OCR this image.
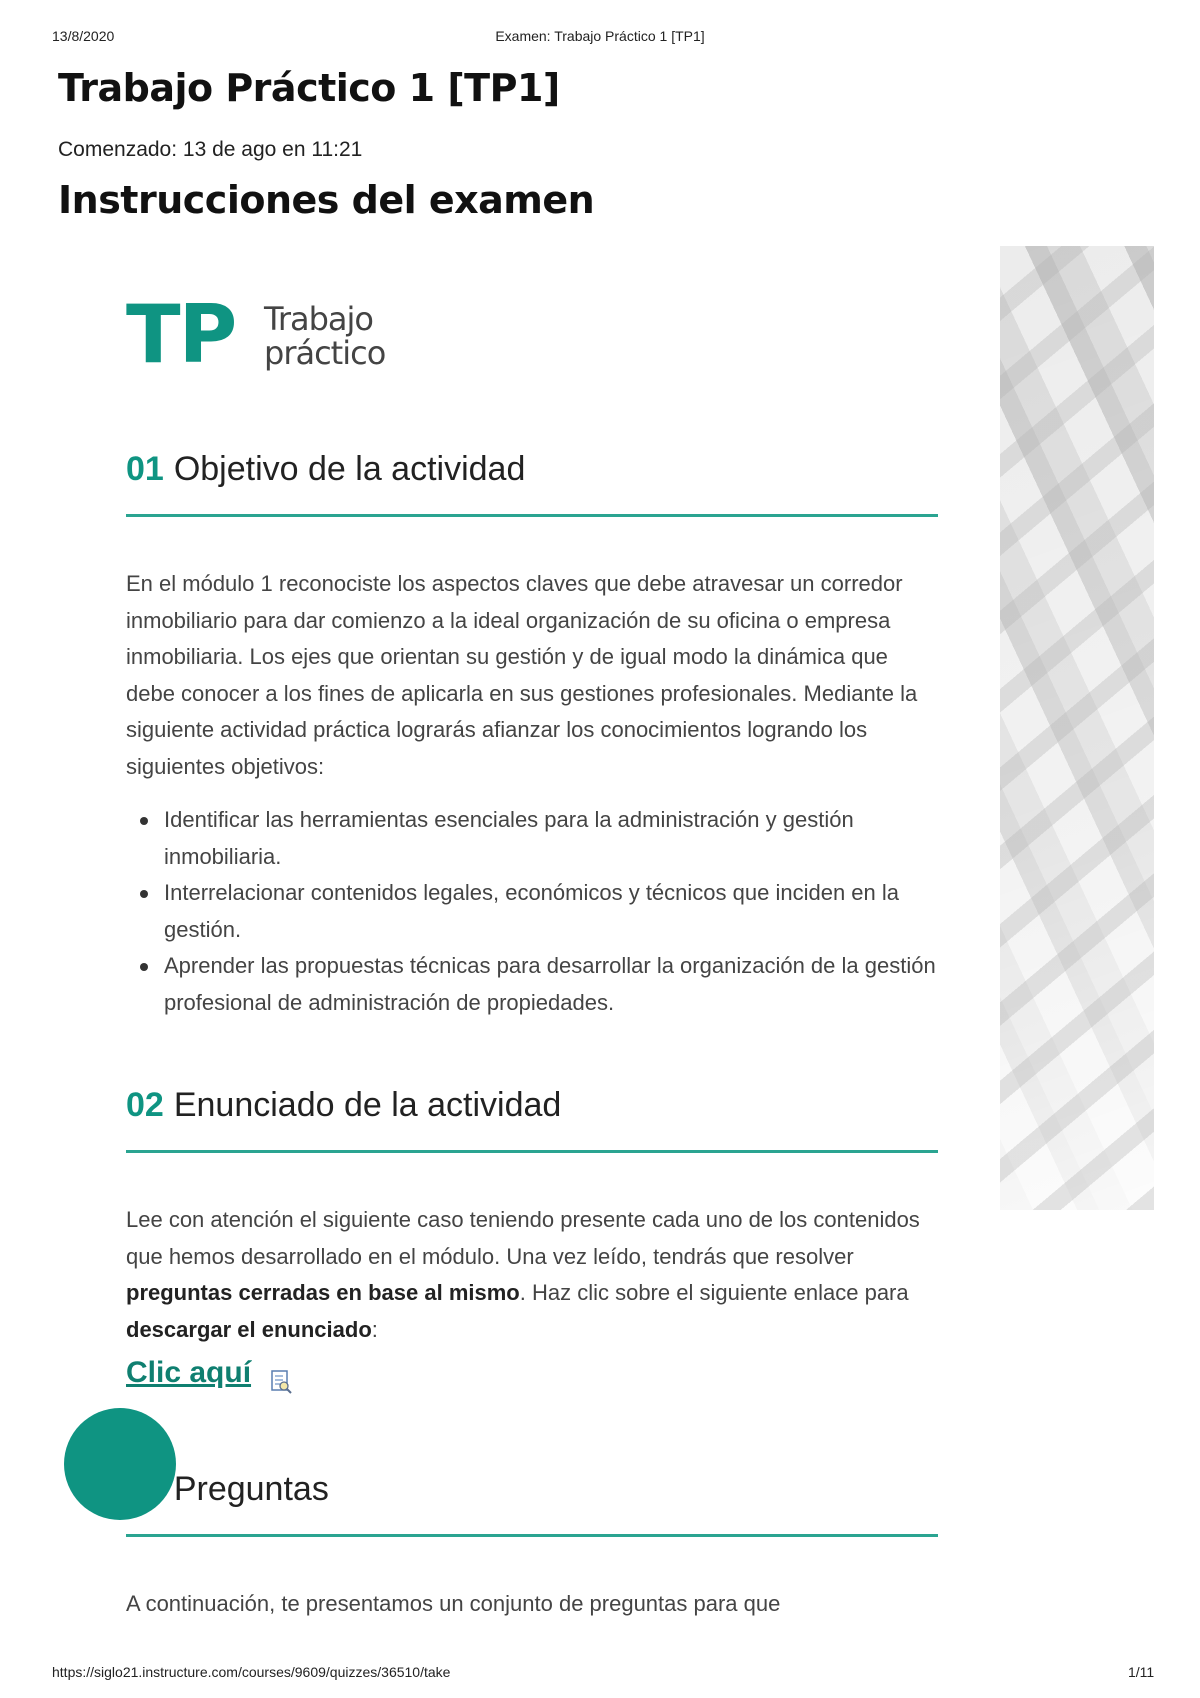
13/8/2020	Examen: Trabajo Práctico 1 [TP1]
Trabajo Práctico 1 [TP1]
Comenzado: 13 de ago en 11:21
Instrucciones del examen
TP Trabajo
práctico
01 Objetivo de la actividad

En el módulo 1 reconociste los aspectos claves que debe atravesar un corredor inmobiliario para dar comienzo a la ideal organización de su oficina o empresa inmobiliaria. Los ejes que orientan su gestión y de igual modo la dinámica que debe conocer a los fines de aplicarla en sus gestiones profesionales. Mediante la siguiente actividad práctica lograrás afianzar los conocimientos logrando los siguientes objetivos:

Identificar las herramientas esenciales para la administración y gestión inmobiliaria.
Interrelacionar contenidos legales, económicos y técnicos que inciden en la gestión.
Aprender las propuestas técnicas para desarrollar la organización de la gestión profesional de administración de propiedades.
02 Enunciado de la actividad

Lee con atención el siguiente caso teniendo presente cada uno de los contenidos que hemos desarrollado en el módulo. Una vez leído, tendrás que resolver preguntas cerradas en base al mismo. Haz clic sobre el siguiente enlace para descargar el enunciado:

Clic aquí
Preguntas

A continuación, te presentamos un conjunto de preguntas para que

https://siglo21.instructure.com/courses/9609/quizzes/36510/take	1/11
